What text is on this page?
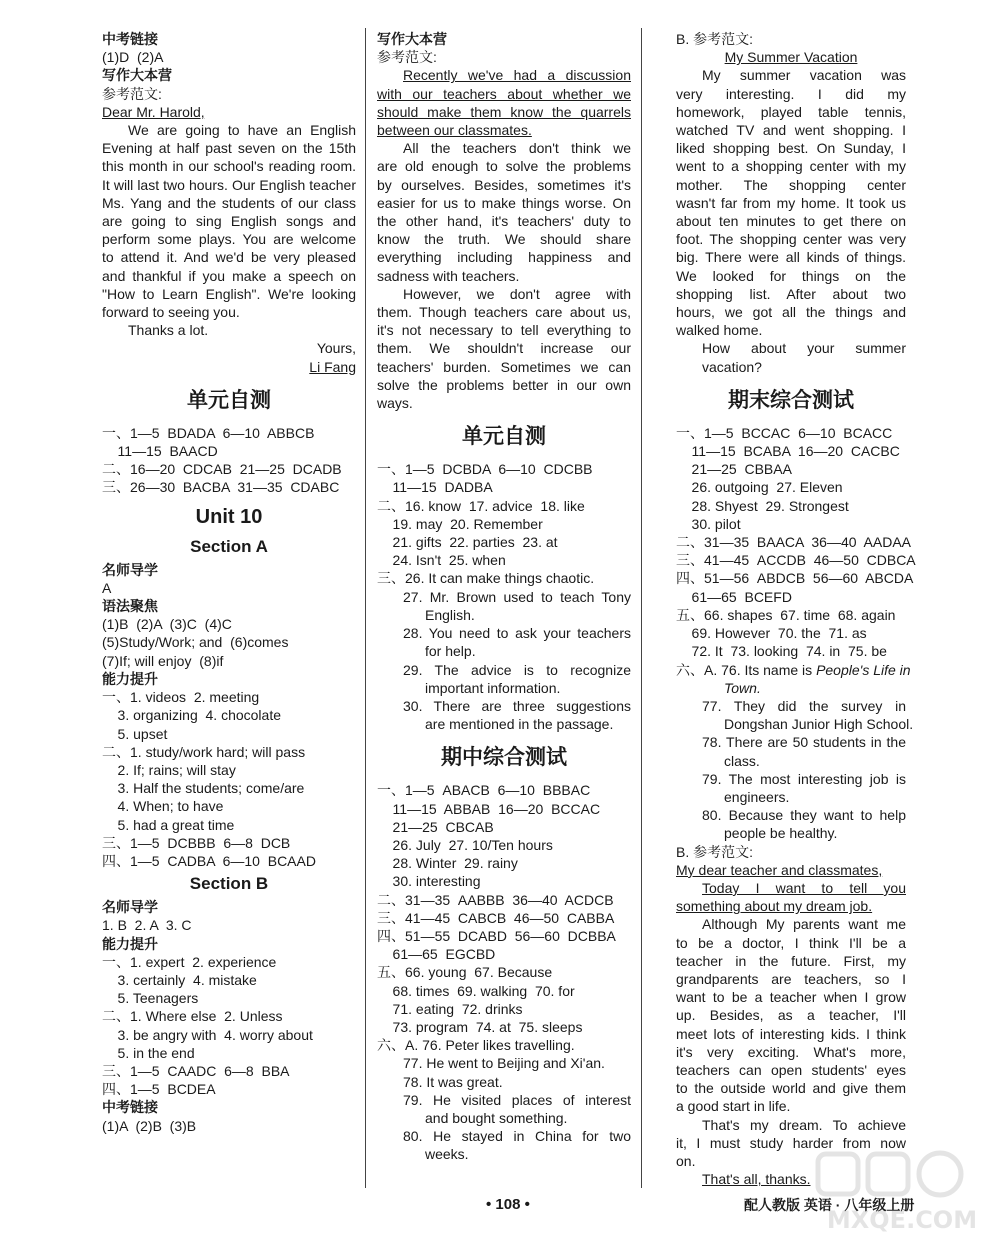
中考链接
(1)D  (2)A
写作大本营
参考范文:
Dear Mr. Harold,
We are going to have an English
Evening at half past seven on the 15th
this month in our school's reading room.
It will last two hours. Our English teacher
Ms. Yang and the students of our class
are going to sing English songs and
perform some plays. You are welcome
to attend it. And we'd be very pleased
and thankful if you make a speech on
"How to Learn English". We're looking
forward to seeing you.
Thanks a lot.
Yours,
Li Fang
单元自测
一、1—5  BDADA  6—10  ABBCB
11—15  BAACD
二、16—20  CDCAB  21—25  DCADB
三、26—30  BACBA  31—35  CDABC
Unit 10
Section A
名师导学
A
语法聚焦
(1)B  (2)A  (3)C  (4)C
(5)Study/Work; and  (6)comes
(7)If; will enjoy  (8)if
能力提升
一、1. videos  2. meeting
3. organizing  4. chocolate
5. upset
二、1. study/work hard; will pass
2. If; rains; will stay
3. Half the students; come/are
4. When; to have
5. had a great time
三、1—5  DCBBB  6—8  DCB
四、1—5  CADBA  6—10  BCAAD
Section B
名师导学
1. B  2. A  3. C
能力提升
一、1. expert  2. experience
3. certainly  4. mistake
5. Teenagers
二、1. Where else  2. Unless
3. be angry with  4. worry about
5. in the end
三、1—5  CAADC  6—8  BBA
四、1—5  BCDEA
中考链接
(1)A  (2)B  (3)B
写作大本营
参考范文:
Recently we've had a discussion
with our teachers about whether we
should make them know the quarrels
between our classmates.
All the teachers don't think we
are old enough to solve the problems
by ourselves. Besides, sometimes it's
easier for us to make things worse. On
the other hand, it's teachers' duty to
know the truth. We should share
everything including happiness and
sadness with teachers.
However, we don't agree with
them. Though teachers care about us,
it's not necessary to tell everything to
them. We shouldn't increase our
teachers' burden. Sometimes we can
solve the problems better in our own
ways.
单元自测
一、1—5  DCBDA  6—10  CDCBB
11—15  DADBA
二、16. know  17. advice  18. like
19. may  20. Remember
21. gifts  22. parties  23. at
24. Isn't  25. when
三、26. It can make things chaotic.
27. Mr. Brown used to teach Tony
English.
28. You need to ask your teachers
for help.
29. The advice is to recognize
important information.
30. There are three suggestions
are mentioned in the passage.
期中综合测试
一、1—5  ABACB  6—10  BBBAC
11—15  ABBAB  16—20  BCCAC
21—25  CBCAB
26. July  27. 10/Ten hours
28. Winter  29. rainy
30. interesting
二、31—35  AABBB  36—40  ACDCB
三、41—45  CABCB  46—50  CABBA
四、51—55  DCABD  56—60  DCBBA
61—65  EGCBD
五、66. young  67. Because
68. times  69. walking  70. for
71. eating  72. drinks
73. program  74. at  75. sleeps
六、A. 76. Peter likes travelling.
77. He went to Beijing and Xi'an.
78. It was great.
79. He visited places of interest
and bought something.
80. He stayed in China for two
weeks.
B. 参考范文:
My Summer Vacation
My summer vacation was
very interesting. I did my
homework, played table tennis,
watched TV and went shopping. I
liked shopping best. On Sunday, I
went to a shopping center with my
mother. The shopping center
wasn't far from my home. It took us
about ten minutes to get there on
foot. The shopping center was very
big. There were all kinds of things.
We looked for things on the
shopping list. After about two
hours, we got all the things and
walked home.
How about your summer
vacation?
期末综合测试
一、1—5  BCCAC  6—10  BCACC
11—15  BCABA  16—20  CACBC
21—25  CBBAA
26. outgoing  27. Eleven
28. Shyest  29. Strongest
30. pilot
二、31—35  BAACA  36—40  AADAA
三、41—45  ACCDB  46—50  CDBCA
四、51—56  ABDCB  56—60  ABCDA
61—65  BCEFD
五、66. shapes  67. time  68. again
69. However  70. the  71. as
72. It  73. looking  74. in  75. be
六、A. 76. Its name is People's Life in
Town.
77. They did the survey in
Dongshan Junior High School.
78. There are 50 students in the
class.
79. The most interesting job is
engineers.
80. Because they want to help
people be healthy.
B. 参考范文:
My dear teacher and classmates,
Today I want to tell you
something about my dream job.
Although My parents want me
to be a doctor, I think I'll be a
teacher in the future. First, my
grandparents are teachers, so I
want to be a teacher when I grow
up. Besides, as a teacher, I'll
meet lots of interesting kids. I think
it's very exciting. What's more,
teachers can open students' eyes
to the outside world and give them
a good start in life.
That's my dream. To achieve
it, I must study harder from now
on.
That's all, thanks.
• 108 •	配人教版 英语 · 八年级上册
MXQE.COM
